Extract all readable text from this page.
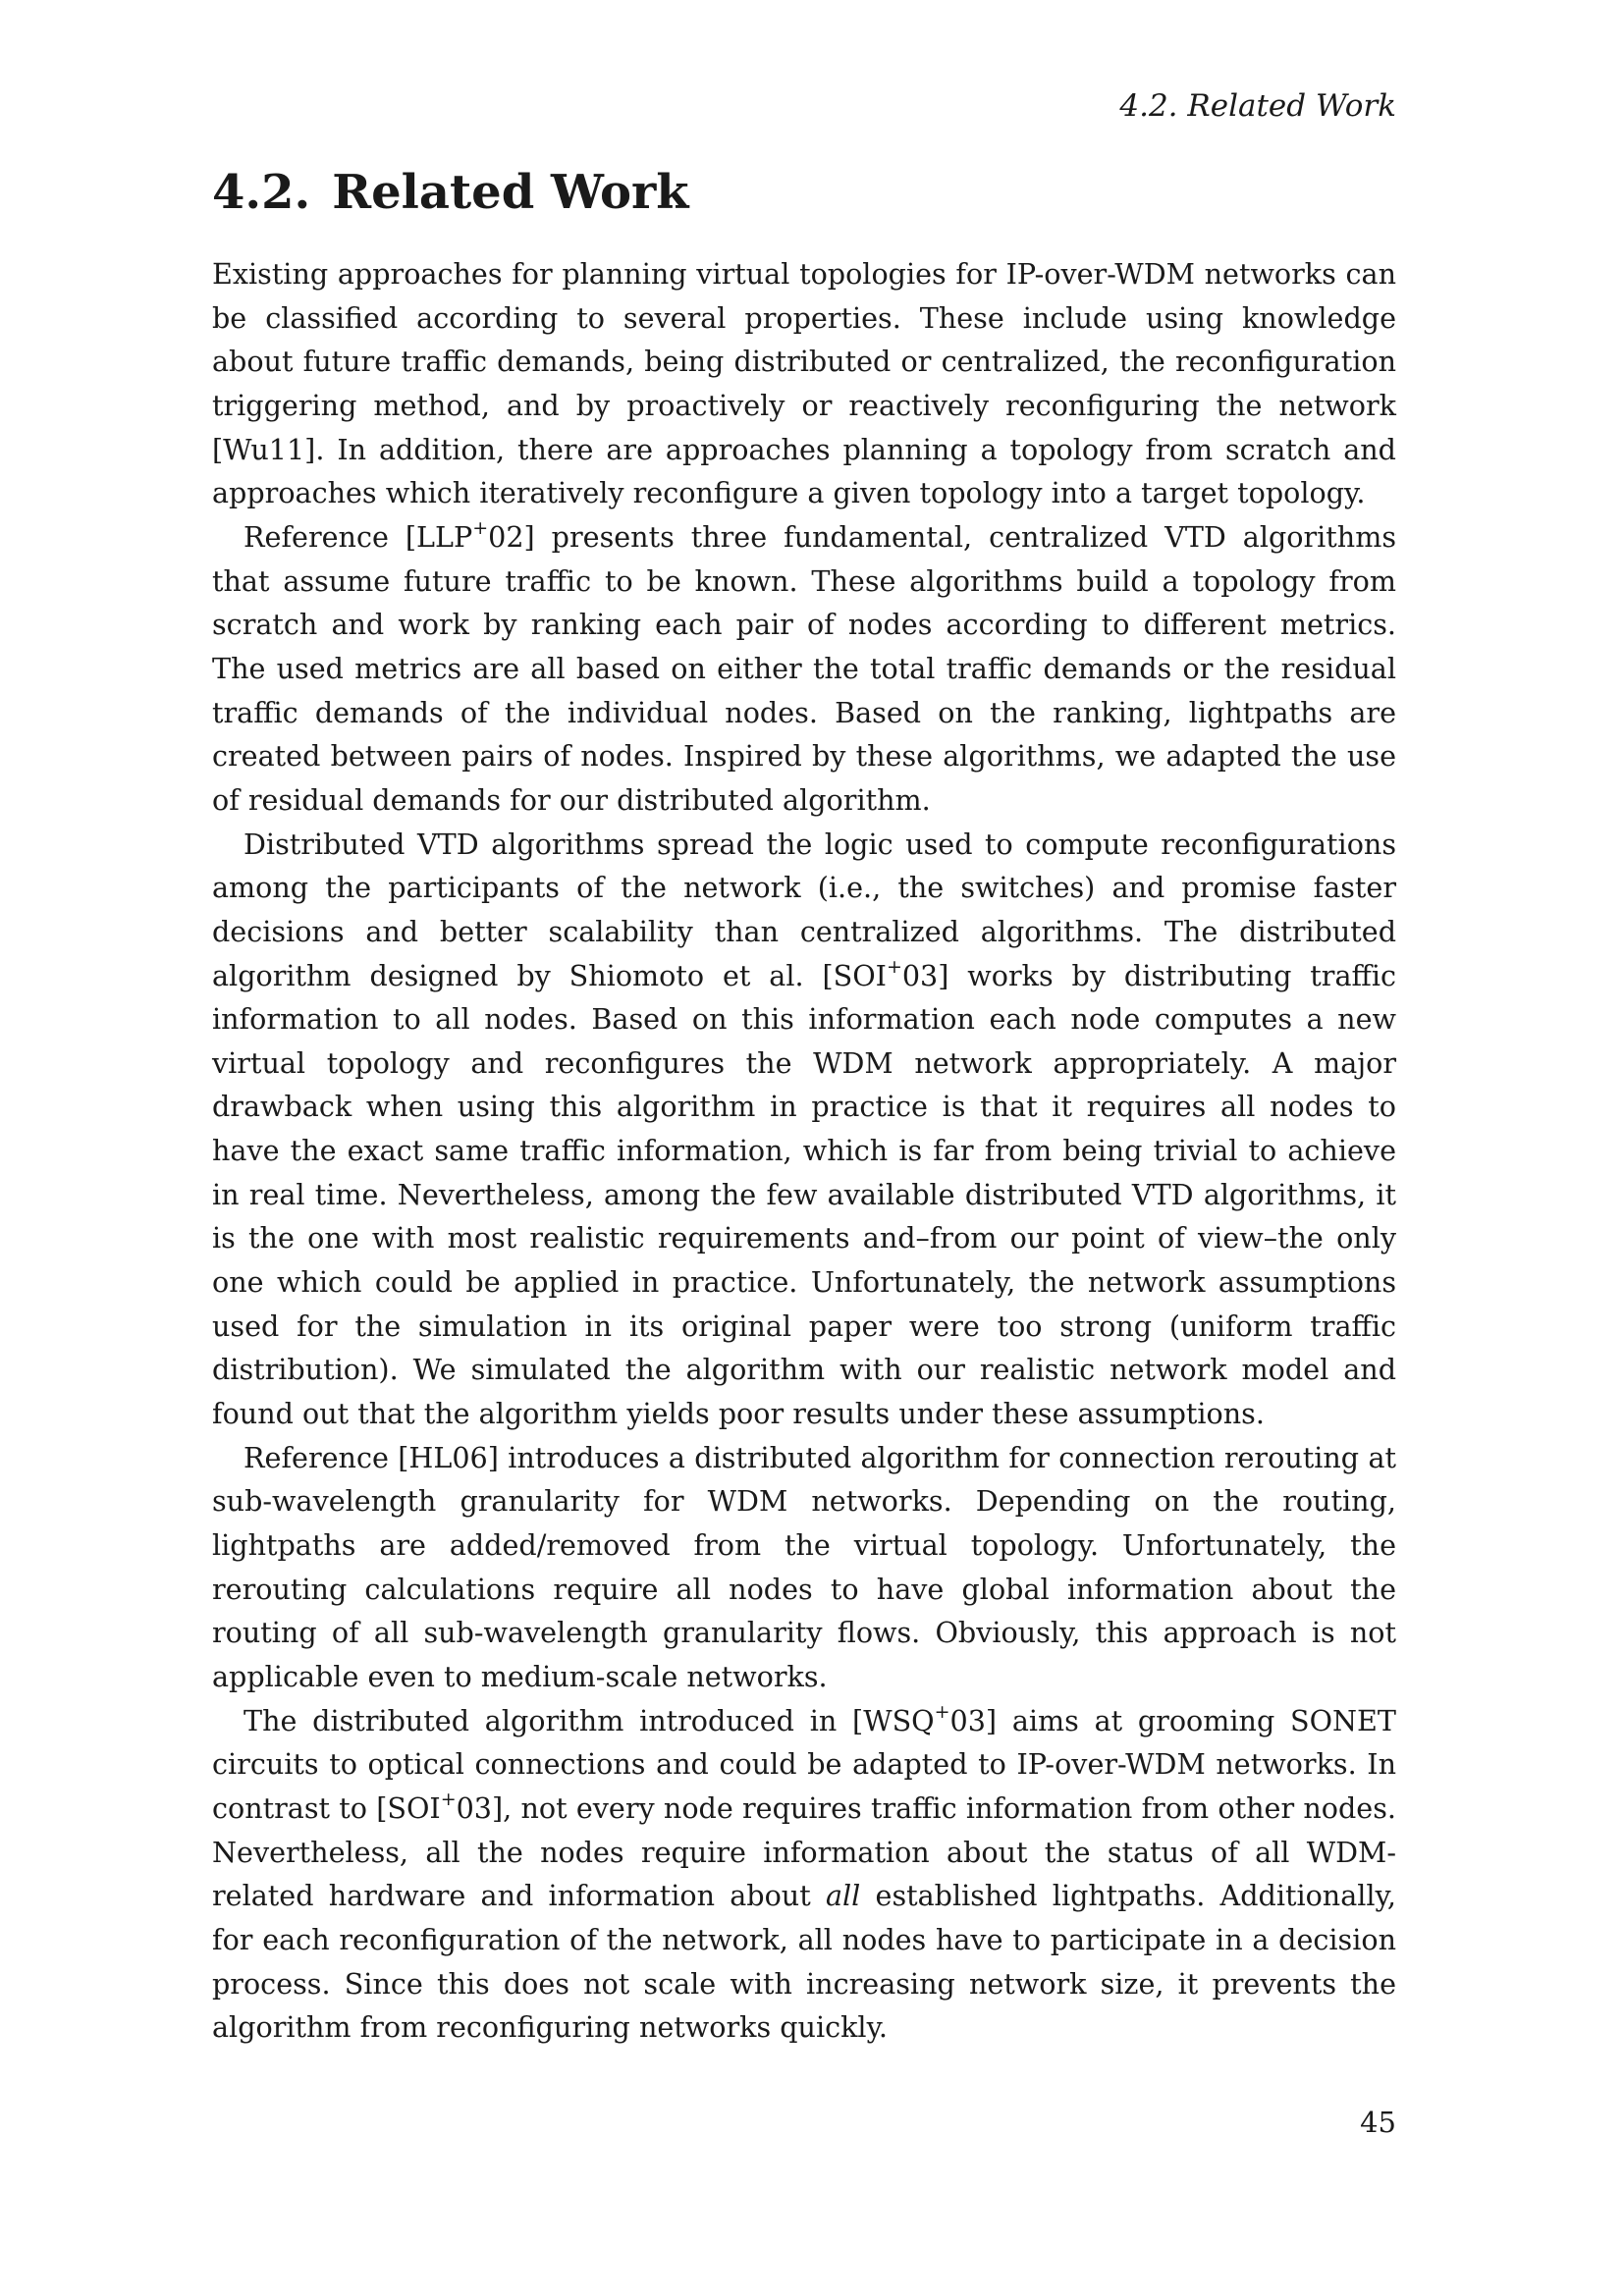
4.2. Related Work
4.2. Related Work

Existing approaches for planning virtual topologies for IP-over-WDM networks can be classified according to several properties. These include using knowledge about future traffic demands, being distributed or centralized, the reconfiguration triggering method, and by proactively or reactively reconfiguring the network [Wu11]. In addition, there are approaches planning a topology from scratch and approaches which iteratively reconfigure a given topology into a target topology.

Reference [LLP+02] presents three fundamental, centralized VTD algorithms that assume future traffic to be known. These algorithms build a topology from scratch and work by ranking each pair of nodes according to different metrics. The used metrics are all based on either the total traffic demands or the residual traffic demands of the individual nodes. Based on the ranking, lightpaths are created between pairs of nodes. Inspired by these algorithms, we adapted the use of residual demands for our distributed algorithm.

Distributed VTD algorithms spread the logic used to compute reconfigurations among the participants of the network (i.e., the switches) and promise faster decisions and better scalability than centralized algorithms. The distributed algorithm designed by Shiomoto et al. [SOI+03] works by distributing traffic information to all nodes. Based on this information each node computes a new virtual topology and reconfigures the WDM network appropriately. A major drawback when using this algorithm in practice is that it requires all nodes to have the exact same traffic information, which is far from being trivial to achieve in real time. Nevertheless, among the few available distributed VTD algorithms, it is the one with most realistic requirements and–from our point of view–the only one which could be applied in practice. Unfortunately, the network assumptions used for the simulation in its original paper were too strong (uniform traffic distribution). We simulated the algorithm with our realistic network model and found out that the algorithm yields poor results under these assumptions.

Reference [HL06] introduces a distributed algorithm for connection rerouting at sub-wavelength granularity for WDM networks. Depending on the routing, lightpaths are added/removed from the virtual topology. Unfortunately, the rerouting calculations require all nodes to have global information about the routing of all sub-wavelength granularity flows. Obviously, this approach is not applicable even to medium-scale networks.

The distributed algorithm introduced in [WSQ+03] aims at grooming SONET circuits to optical connections and could be adapted to IP-over-WDM networks. In contrast to [SOI+03], not every node requires traffic information from other nodes. Nevertheless, all the nodes require information about the status of all WDM-related hardware and information about all established lightpaths. Additionally, for each reconfiguration of the network, all nodes have to participate in a decision process. Since this does not scale with increasing network size, it prevents the algorithm from reconfiguring networks quickly.

45
